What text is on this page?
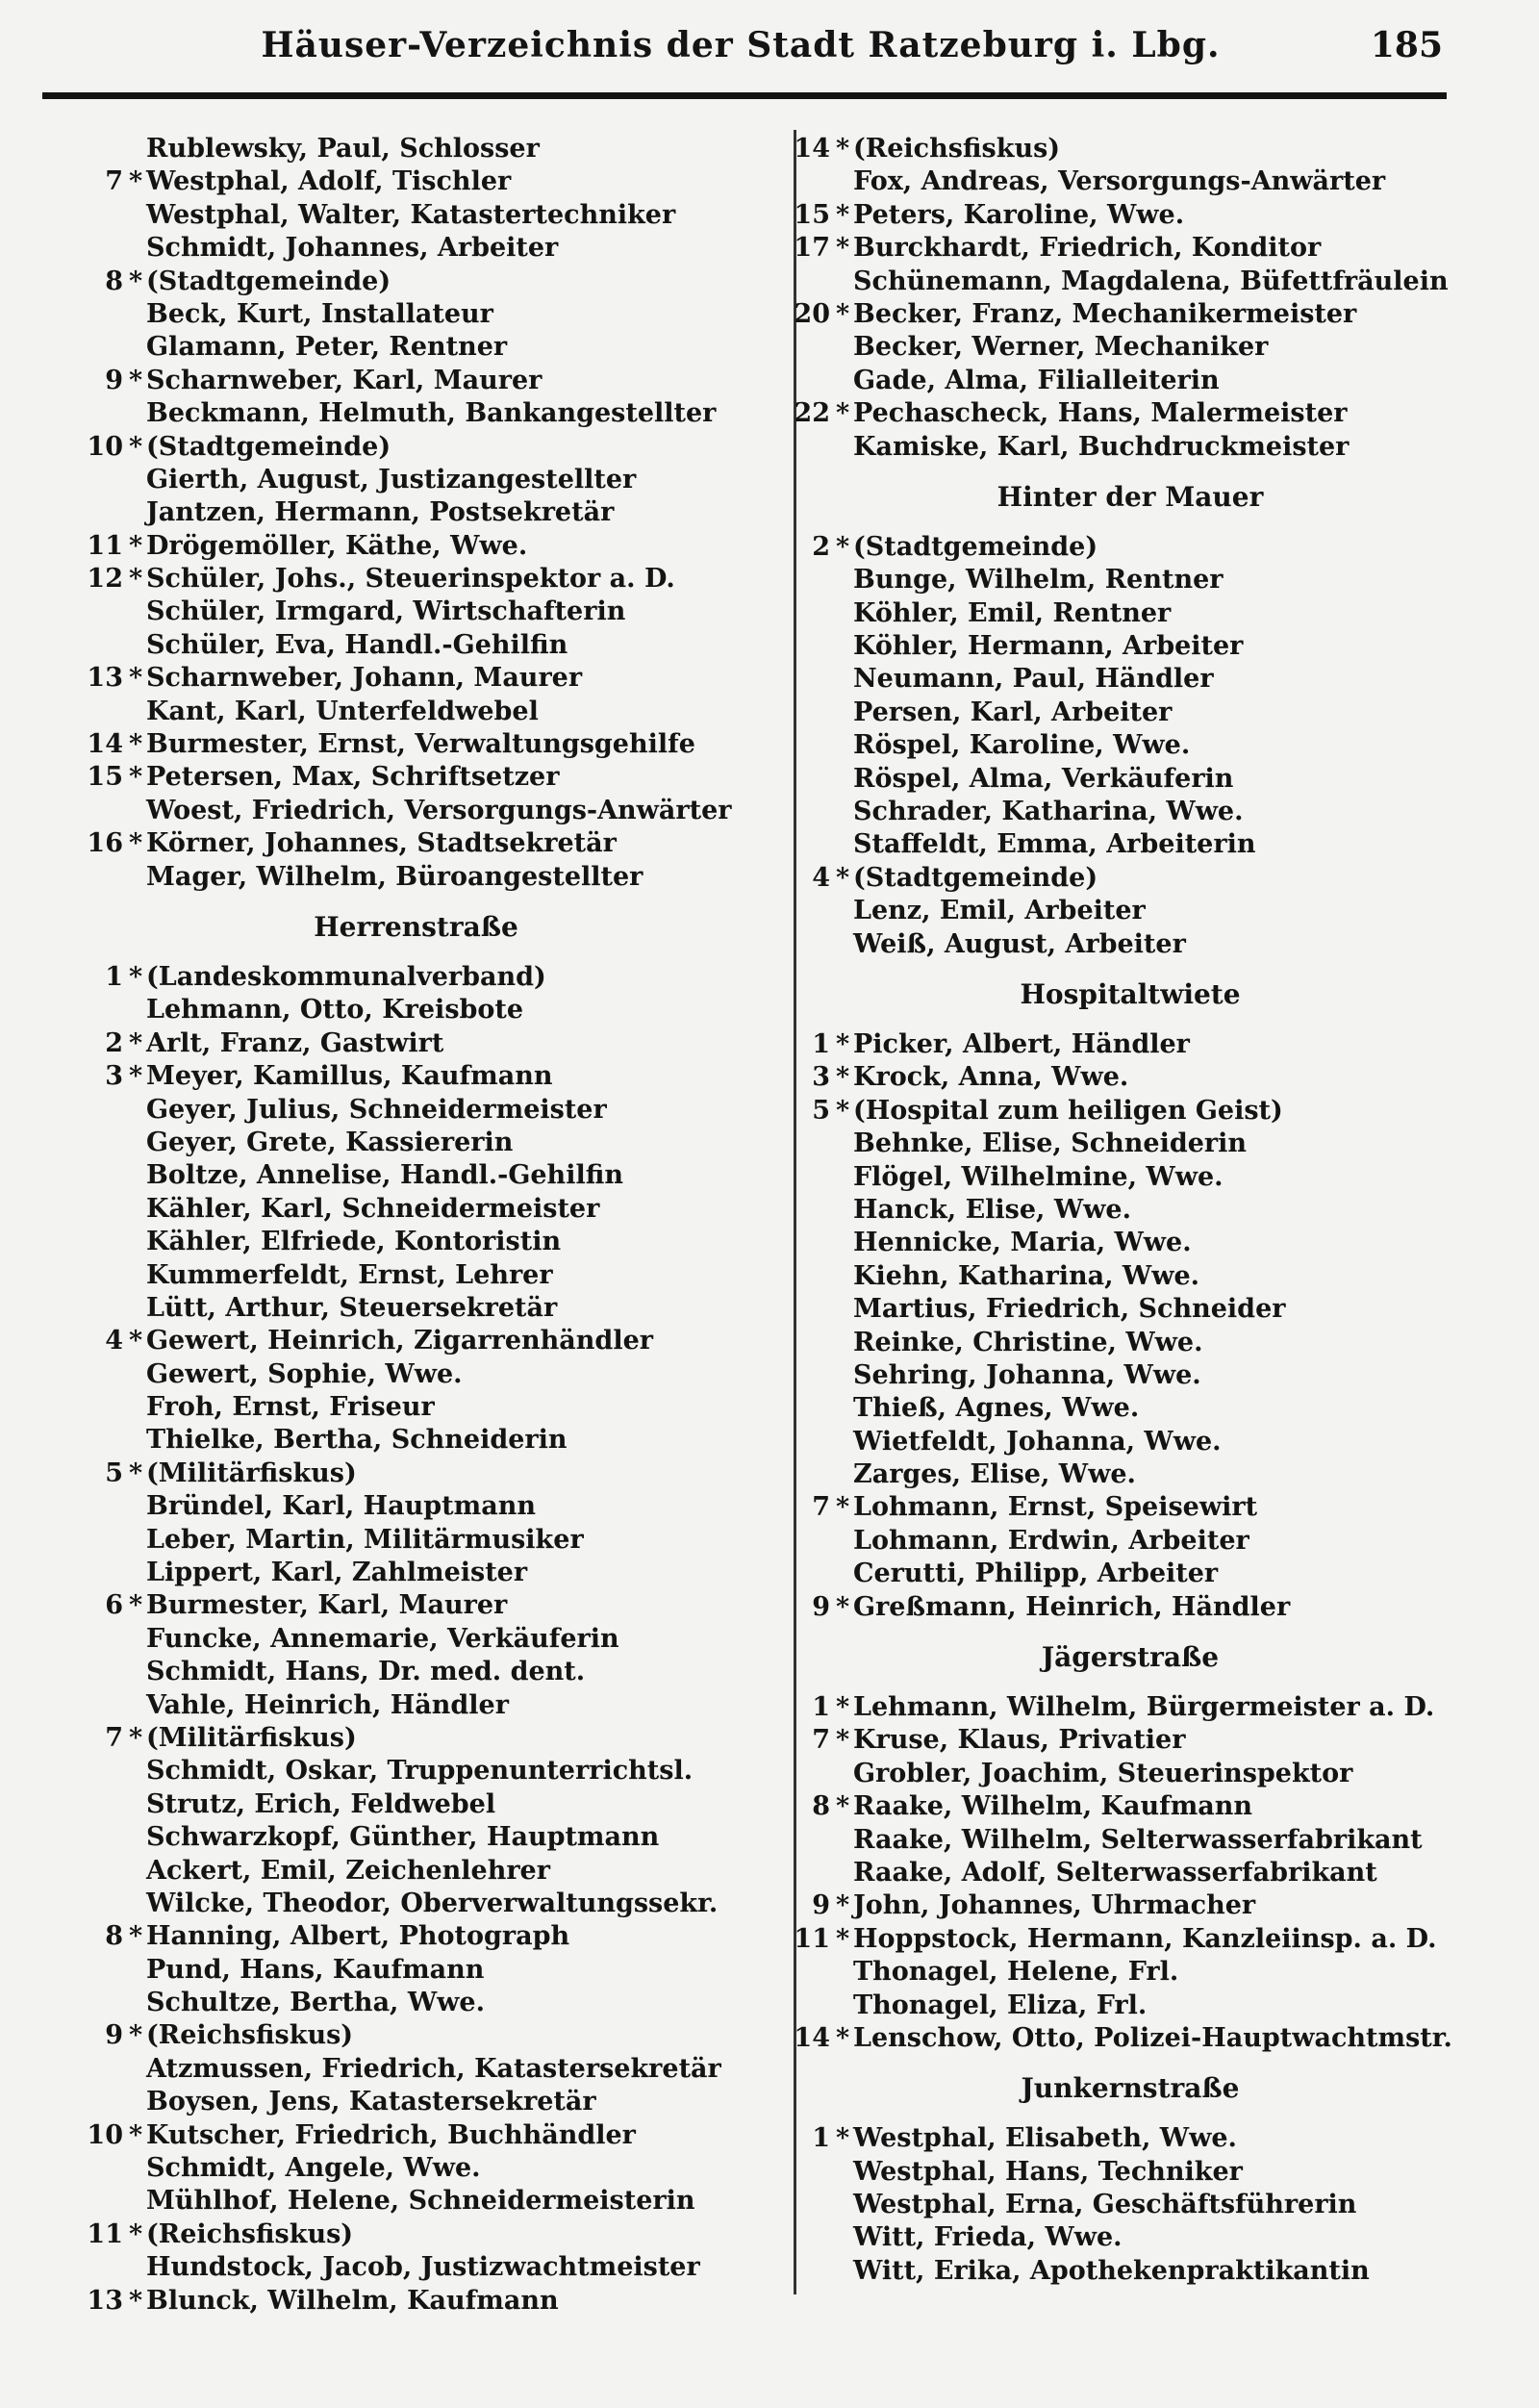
Häuser-Verzeichnis der Stadt Ratzeburg i. Lbg.	185
Rublewsky, Paul, Schlosser
7 * Westphal, Adolf, Tischler
Westphal, Walter, Katastertechniker
Schmidt, Johannes, Arbeiter
8 * (Stadtgemeinde)
Beck, Kurt, Installateur
Glamann, Peter, Rentner
9 * Scharnweber, Karl, Maurer
Beckmann, Helmuth, Bankangestellter
10 * (Stadtgemeinde)
Gierth, August, Justizangestellter
Jantzen, Hermann, Postsekretär
11 * Drögemöller, Käthe, Wwe.
12 * Schüler, Johs., Steuerinspektor a. D.
Schüler, Irmgard, Wirtschafterin
Schüler, Eva, Handl.-Gehilfin
13 * Scharnweber, Johann, Maurer
Kant, Karl, Unterfeldwebel
14 * Burmester, Ernst, Verwaltungsgehilfe
15 * Petersen, Max, Schriftsetzer
Woest, Friedrich, Versorgungs-Anwärter
16 * Körner, Johannes, Stadtsekretär
Mager, Wilhelm, Büroangestellter
Herrenstraße
1 * (Landeskommunalverband)
Lehmann, Otto, Kreisbote
2 * Arlt, Franz, Gastwirt
3 * Meyer, Kamillus, Kaufmann
Geyer, Julius, Schneidermeister
Geyer, Grete, Kassiererin
Boltze, Annelise, Handl.-Gehilfin
Kähler, Karl, Schneidermeister
Kähler, Elfriede, Kontoristin
Kummerfeldt, Ernst, Lehrer
Lütt, Arthur, Steuersekretär
4 * Gewert, Heinrich, Zigarrenhändler
Gewert, Sophie, Wwe.
Froh, Ernst, Friseur
Thielke, Bertha, Schneiderin
5 * (Militärfiskus)
Bründel, Karl, Hauptmann
Leber, Martin, Militärmusiker
Lippert, Karl, Zahlmeister
6 * Burmester, Karl, Maurer
Funcke, Annemarie, Verkäuferin
Schmidt, Hans, Dr. med. dent.
Vahle, Heinrich, Händler
7 * (Militärfiskus)
Schmidt, Oskar, Truppenunterrichtsl.
Strutz, Erich, Feldwebel
Schwarzkopf, Günther, Hauptmann
Ackert, Emil, Zeichenlehrer
Wilcke, Theodor, Oberverwaltungssekr.
8 * Hanning, Albert, Photograph
Pund, Hans, Kaufmann
Schultze, Bertha, Wwe.
9 * (Reichsfiskus)
Atzmussen, Friedrich, Katastersekretär
Boysen, Jens, Katastersekretär
10 * Kutscher, Friedrich, Buchhändler
Schmidt, Angele, Wwe.
Mühlhof, Helene, Schneidermeisterin
11 * (Reichsfiskus)
Hundstock, Jacob, Justizwachtmeister
13 * Blunck, Wilhelm, Kaufmann
14 * (Reichsfiskus)
Fox, Andreas, Versorgungs-Anwärter
15 * Peters, Karoline, Wwe.
17 * Burckhardt, Friedrich, Konditor
Schünemann, Magdalena, Büfettfräulein
20 * Becker, Franz, Mechanikermeister
Becker, Werner, Mechaniker
Gade, Alma, Filialleiterin
22 * Pechascheck, Hans, Malermeister
Kamiske, Karl, Buchdruckmeister
Hinter der Mauer
2 * (Stadtgemeinde)
Bunge, Wilhelm, Rentner
Köhler, Emil, Rentner
Köhler, Hermann, Arbeiter
Neumann, Paul, Händler
Persen, Karl, Arbeiter
Röspel, Karoline, Wwe.
Röspel, Alma, Verkäuferin
Schrader, Katharina, Wwe.
Staffeldt, Emma, Arbeiterin
4 * (Stadtgemeinde)
Lenz, Emil, Arbeiter
Weiß, August, Arbeiter
Hospitaltwiete
1 * Picker, Albert, Händler
3 * Krock, Anna, Wwe.
5 * (Hospital zum heiligen Geist)
Behnke, Elise, Schneiderin
Flögel, Wilhelmine, Wwe.
Hanck, Elise, Wwe.
Hennicke, Maria, Wwe.
Kiehn, Katharina, Wwe.
Martius, Friedrich, Schneider
Reinke, Christine, Wwe.
Sehring, Johanna, Wwe.
Thieß, Agnes, Wwe.
Wietfeldt, Johanna, Wwe.
Zarges, Elise, Wwe.
7 * Lohmann, Ernst, Speisewirt
Lohmann, Erdwin, Arbeiter
Cerutti, Philipp, Arbeiter
9 * Greßmann, Heinrich, Händler
Jägerstraße
1 * Lehmann, Wilhelm, Bürgermeister a. D.
7 * Kruse, Klaus, Privatier
Grobler, Joachim, Steuerinspektor
8 * Raake, Wilhelm, Kaufmann
Raake, Wilhelm, Selterwasserfabrikant
Raake, Adolf, Selterwasserfabrikant
9 * John, Johannes, Uhrmacher
11 * Hoppstock, Hermann, Kanzleiinsp. a. D.
Thonagel, Helene, Frl.
Thonagel, Eliza, Frl.
14 * Lenschow, Otto, Polizei-Hauptwachtmstr.
Junkernstraße
1 * Westphal, Elisabeth, Wwe.
Westphal, Hans, Techniker
Westphal, Erna, Geschäftsführerin
Witt, Frieda, Wwe.
Witt, Erika, Apothekenpraktikantin
